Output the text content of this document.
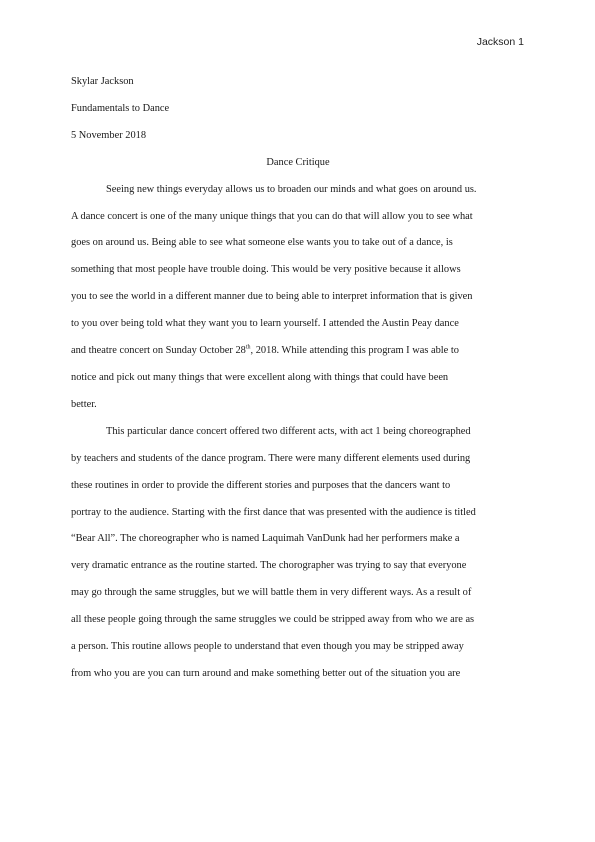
Jackson 1
Skylar Jackson
Fundamentals to Dance
5 November 2018
Dance Critique
Seeing new things everyday allows us to broaden our minds and what goes on around us.
A dance concert is one of the many unique things that you can do that will allow you to see what
goes on around us. Being able to see what someone else wants you to take out of a dance, is
something that most people have trouble doing. This would be very positive because it allows
you to see the world in a different manner due to being able to interpret information that is given
to you over being told what they want you to learn yourself. I attended the Austin Peay dance
and theatre concert on Sunday October 28th, 2018. While attending this program I was able to
notice and pick out many things that were excellent along with things that could have been
better.
This particular dance concert offered two different acts, with act 1 being choreographed
by teachers and students of the dance program. There were many different elements used during
these routines in order to provide the different stories and purposes that the dancers want to
portray to the audience. Starting with the first dance that was presented with the audience is titled
“Bear All”. The choreographer who is named Laquimah VanDunk had her performers make a
very dramatic entrance as the routine started. The chorographer was trying to say that everyone
may go through the same struggles, but we will battle them in very different ways. As a result of
all these people going through the same struggles we could be stripped away from who we are as
a person. This routine allows people to understand that even though you may be stripped away
from who you are you can turn around and make something better out of the situation you are
